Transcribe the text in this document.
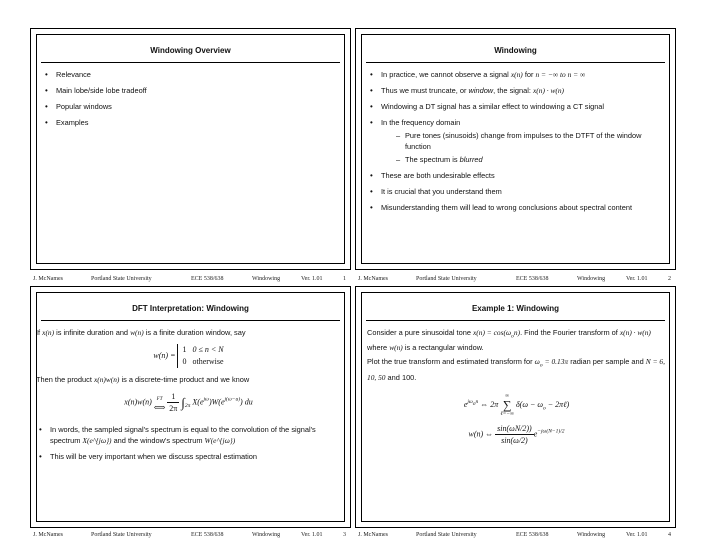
Windowing Overview
• Relevance
• Main lobe/side lobe tradeoff
• Popular windows
• Examples
Windowing
• In practice, we cannot observe a signal x(n) for n = −∞ to n = ∞
• Thus we must truncate, or window, the signal: x(n) · w(n)
• Windowing a DT signal has a similar effect to windowing a CT signal
• In the frequency domain
– Pure tones (sinusoids) change from impulses to the DTFT of the window function
– The spectrum is blurred
• These are both undesirable effects
• It is crucial that you understand them
• Misunderstanding them will lead to wrong conclusions about spectral content
DFT Interpretation: Windowing
If x(n) is infinite duration and w(n) is a finite duration window, say
w(n) =
1 0 ≤ n < N
0 otherwise
Then the product x(n)w(n) is a discrete-time product and we know
x(n)w(n) FT
⟺
$\frac{1}{2\pi} \int_{2\pi}$ $X(e^{j\omega})W(e^{j(\omega-u)})$ du
• In words, the sampled signal's spectrum is equal to the convolution of the signal's spectrum X(e^{jω}) and the window's spectrum W(e^{jω})
• This will be very important when we discuss spectral estimation
Example 1: Windowing
Consider a pure sinusoidal tone $x(n) = \cos(\omega_on)$. Find the Fourier transform of x(n) · w(n) where w(n) is a rectangular window.
Plot the true transform and estimated transform for $\omega_o = 0.13\pi$ radian per sample and N = 6, 10, 50 and 100.
$e^{j\omega_on}$ ⇔ 2π
∞
∑
ℓ=−∞
$\delta(\omega - \omega_o$ − 2πℓ)
w(n) ⇔ $\frac{\sin(\omega N/2))}{\sin(\omega/2)} e^{-j\omega(N-1)/2}$
J. McNames	Portland State University	ECE 538/638	Windowing	Ver. 1.01	1 J. McNames	Portland State University	ECE 538/638	Windowing	Ver. 1.01	2
J. McNames	Portland State University	ECE 538/638	Windowing	Ver. 1.01	3 J. McNames	Portland State University	ECE 538/638	Windowing	Ver. 1.01	4
